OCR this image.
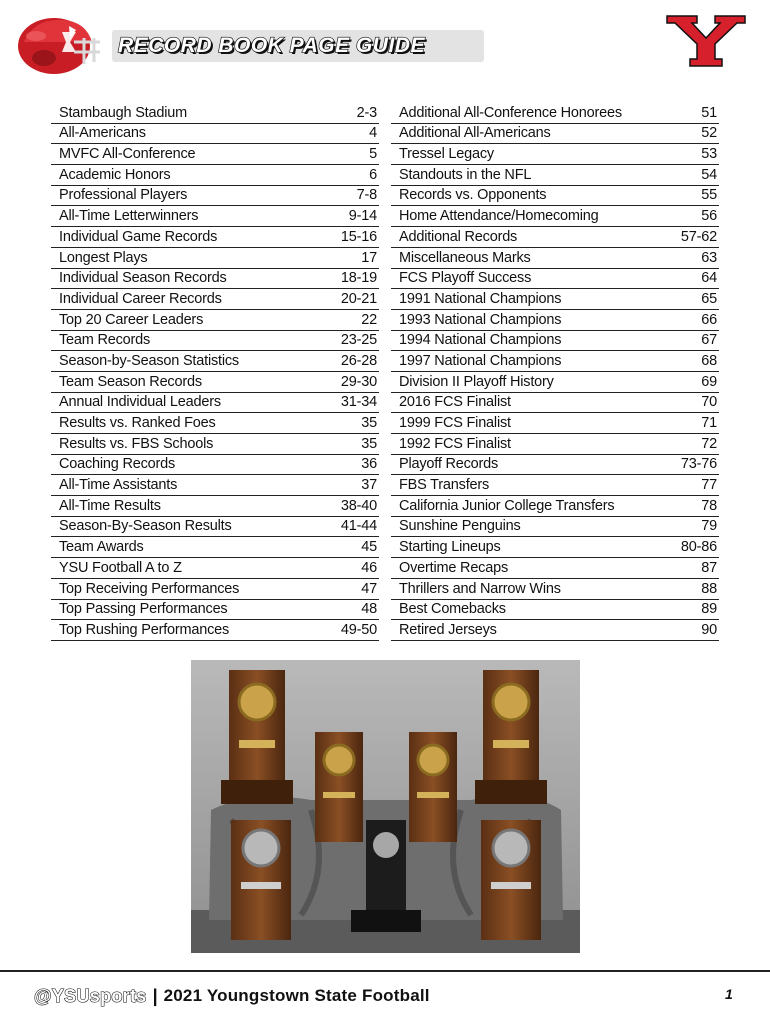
RECORD BOOK PAGE GUIDE
Stambaugh Stadium	2-3
All-Americans	4
MVFC All-Conference	5
Academic Honors	6
Professional Players	7-8
All-Time Letterwinners	9-14
Individual Game Records	15-16
Longest Plays	17
Individual Season Records	18-19
Individual Career Records	20-21
Top 20 Career Leaders	22
Team Records	23-25
Season-by-Season Statistics	26-28
Team Season Records	29-30
Annual Individual Leaders	31-34
Results vs. Ranked Foes	35
Results vs. FBS Schools	35
Coaching Records	36
All-Time Assistants	37
All-Time Results	38-40
Season-By-Season Results	41-44
Team Awards	45
YSU Football A to Z	46
Top Receiving Performances	47
Top Passing Performances	48
Top Rushing Performances	49-50
Additional All-Conference Honorees	51
Additional All-Americans	52
Tressel Legacy	53
Standouts in the NFL	54
Records vs. Opponents	55
Home Attendance/Homecoming	56
Additional Records	57-62
Miscellaneous Marks	63
FCS Playoff Success	64
1991 National Champions	65
1993 National Champions	66
1994 National Champions	67
1997 National Champions	68
Division II Playoff History	69
2016 FCS Finalist	70
1999 FCS Finalist	71
1992 FCS Finalist	72
Playoff Records	73-76
FBS Transfers	77
California Junior College Transfers	78
Sunshine Penguins	79
Starting Lineups	80-86
Overtime Recaps	87
Thrillers and Narrow Wins	88
Best Comebacks	89
Retired Jerseys	90
@YSUsports | 2021 Youngstown State Football	1
